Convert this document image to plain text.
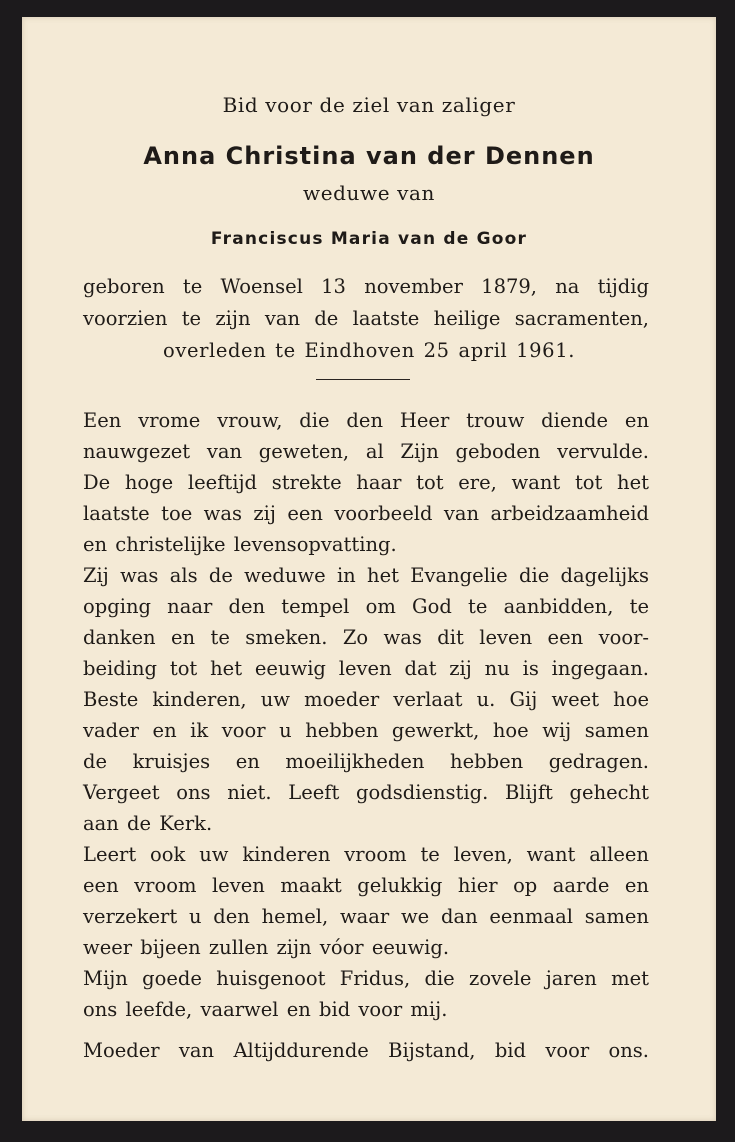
Bid voor de ziel van zaliger

Anna Christina van der Dennen

weduwe van

Franciscus Maria van de Goor

geboren te Woensel 13 november 1879, na tijdig

voorzien te zijn van de laatste heilige sacramenten,

overleden te Eindhoven 25 april 1961.

Een vrome vrouw, die den Heer trouw diende en

nauwgezet van geweten, al Zijn geboden vervulde.

De hoge leeftijd strekte haar tot ere, want tot het

laatste toe was zij een voorbeeld van arbeidzaamheid

en christelijke levensopvatting.

Zij was als de weduwe in het Evangelie die dagelijks

opging naar den tempel om God te aanbidden, te

danken en te smeken. Zo was dit leven een voor-

beiding tot het eeuwig leven dat zij nu is ingegaan.

Beste kinderen, uw moeder verlaat u. Gij weet hoe

vader en ik voor u hebben gewerkt, hoe wij samen

de kruisjes en moeilijkheden hebben gedragen.

Vergeet ons niet. Leeft godsdienstig. Blijft gehecht

aan de Kerk.

Leert ook uw kinderen vroom te leven, want alleen

een vroom leven maakt gelukkig hier op aarde en

verzekert u den hemel, waar we dan eenmaal samen

weer bijeen zullen zijn vóor eeuwig.

Mijn goede huisgenoot Fridus, die zovele jaren met

ons leefde, vaarwel en bid voor mij.

Moeder van Altijddurende Bijstand, bid voor ons.
